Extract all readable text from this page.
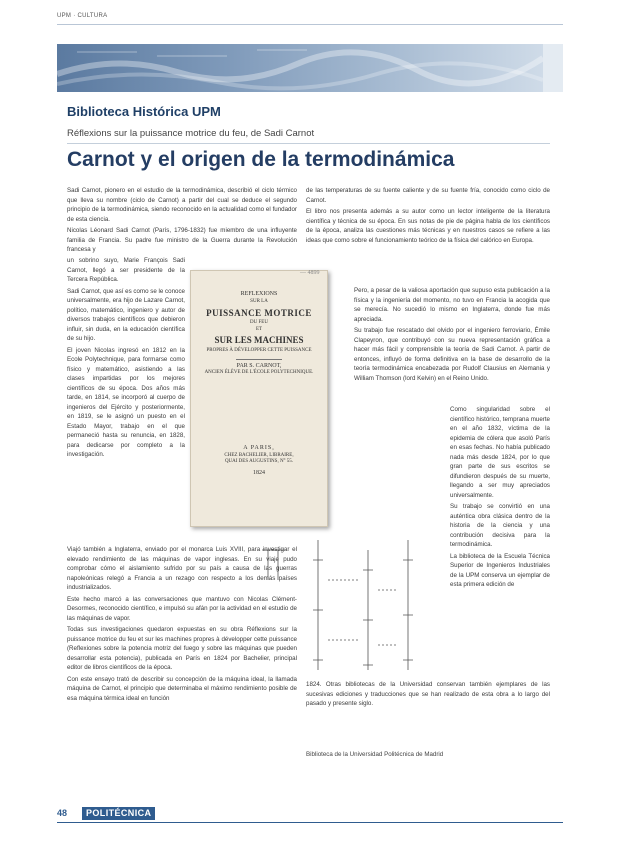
UPM · CULTURA
Biblioteca Histórica UPM
Réflexions sur la puissance motrice du feu, de Sadi Carnot
Carnot y el origen de la termodinámica

Sadi Carnot, pionero en el estudio de la termodinámica, describió el ciclo térmico que lleva su nombre (ciclo de Carnot) a partir del cual se deduce el segundo principio de la termodinámica, siendo reconocido en la actualidad como el fundador de esta ciencia.

Nicolas Léonard Sadi Carnot (París, 1796-1832) fue miembro de una influyente familia de Francia. Su padre fue ministro de la Guerra durante la Revolución francesa y

un sobrino suyo, Marie François Sadi Carnot, llegó a ser presidente de la Tercera República.

Sadi Carnot, que así es como se le conoce universalmente, era hijo de Lazare Carnot, político, matemático, ingeniero y autor de diversos trabajos científicos que debieron influir, sin duda, en la educación científica de su hijo.

El joven Nicolas ingresó en 1812 en la Ecole Polytechnique, para formarse como físico y matemático, asistiendo a las clases impartidas por los mejores científicos de su época. Dos años más tarde, en 1814, se incorporó al cuerpo de ingenieros del Ejército y posteriormente, en 1819, se le asignó un puesto en el Estado Mayor, trabajo en el que permaneció hasta su renuncia, en 1828, para dedicarse por completo a la investigación.

Viajó también a Inglaterra, enviado por el monarca Luis XVIII, para investigar el elevado rendimiento de las máquinas de vapor inglesas. En su viaje pudo comprobar cómo el aislamiento sufrido por su país a causa de las guerras napoleónicas relegó a Francia a un rezago con respecto a los demás países industrializados.

Este hecho marcó a las conversaciones que mantuvo con Nicolas Clément-Desormes, reconocido científico, e impulsó su afán por la actividad en el estudio de las máquinas de vapor.

Todas sus investigaciones quedaron expuestas en su obra Réflexions sur la puissance motrice du feu et sur les machines propres à développer cette puissance (Reflexiones sobre la potencia motriz del fuego y sobre las máquinas que pueden desarrollar esta potencia), publicada en París en 1824 por Bachelier, principal editor de libros científicos de la época.

Con este ensayo trató de describir su concepción de la máquina ideal, la llamada máquina de Carnot, el principio que determinaba el máximo rendimiento posible de esa máquina térmica ideal en función

de las temperaturas de su fuente caliente y de su fuente fría, conocido como ciclo de Carnot.

El libro nos presenta además a su autor como un lector inteligente de la literatura científica y técnica de su época. En sus notas de pie de página habla de los científicos de la época, analiza las cuestiones más técnicas y en nuestros casos se refiere a las ideas que como sobre el funcionamiento teórico de la física del calórico en Europa.

Pero, a pesar de la valiosa aportación que supuso esta publicación a la física y la ingeniería del momento, no tuvo en Francia la acogida que se merecía. No sucedió lo mismo en Inglaterra, donde fue más apreciada.

Su trabajo fue rescatado del olvido por el ingeniero ferroviario, Émile Clapeyron, que contribuyó con su nueva representación gráfica a hacer más fácil y comprensible la teoría de Sadi Carnot. A partir de entonces, influyó de forma definitiva en la base de desarrollo de la teoría termodinámica encabezada por Rudolf Clausius en Alemania y William Thomson (lord Kelvin) en el Reino Unido.

Como singularidad sobre el científico histórico, temprana muerte en el año 1832, víctima de la epidemia de cólera que asoló París en esas fechas. No había publicado nada más desde 1824, por lo que gran parte de sus escritos se difundieron después de su muerte, llegando a ser muy apreciados universalmente.

Su trabajo se convirtió en una auténtica obra clásica dentro de la historia de la ciencia y una contribución decisiva para la termodinámica.

La biblioteca de la Escuela Técnica Superior de Ingenieros Industriales de la UPM conserva un ejemplar de esta primera edición de

1824. Otras bibliotecas de la Universidad conservan también ejemplares de las sucesivas ediciones y traducciones que se han realizado de esta obra a lo largo del pasado y presente siglo.

REFLEXIONS
SUR LA
PUISSANCE MOTRICE
DU FEU
ET
SUR LES MACHINES
PROPRES À DÉVELOPPER CETTE PUISSANCE
PAR S. CARNOT,
ANCIEN ÉLÈVE DE L'ÉCOLE POLYTECHNIQUE.
A PARIS,
CHEZ BACHELIER, LIBRAIRE,
QUAI DES AUGUSTINS, N° 55.
1824
— 4899
Biblioteca de la Universidad Politécnica de Madrid
48	POLITÉCNICA
